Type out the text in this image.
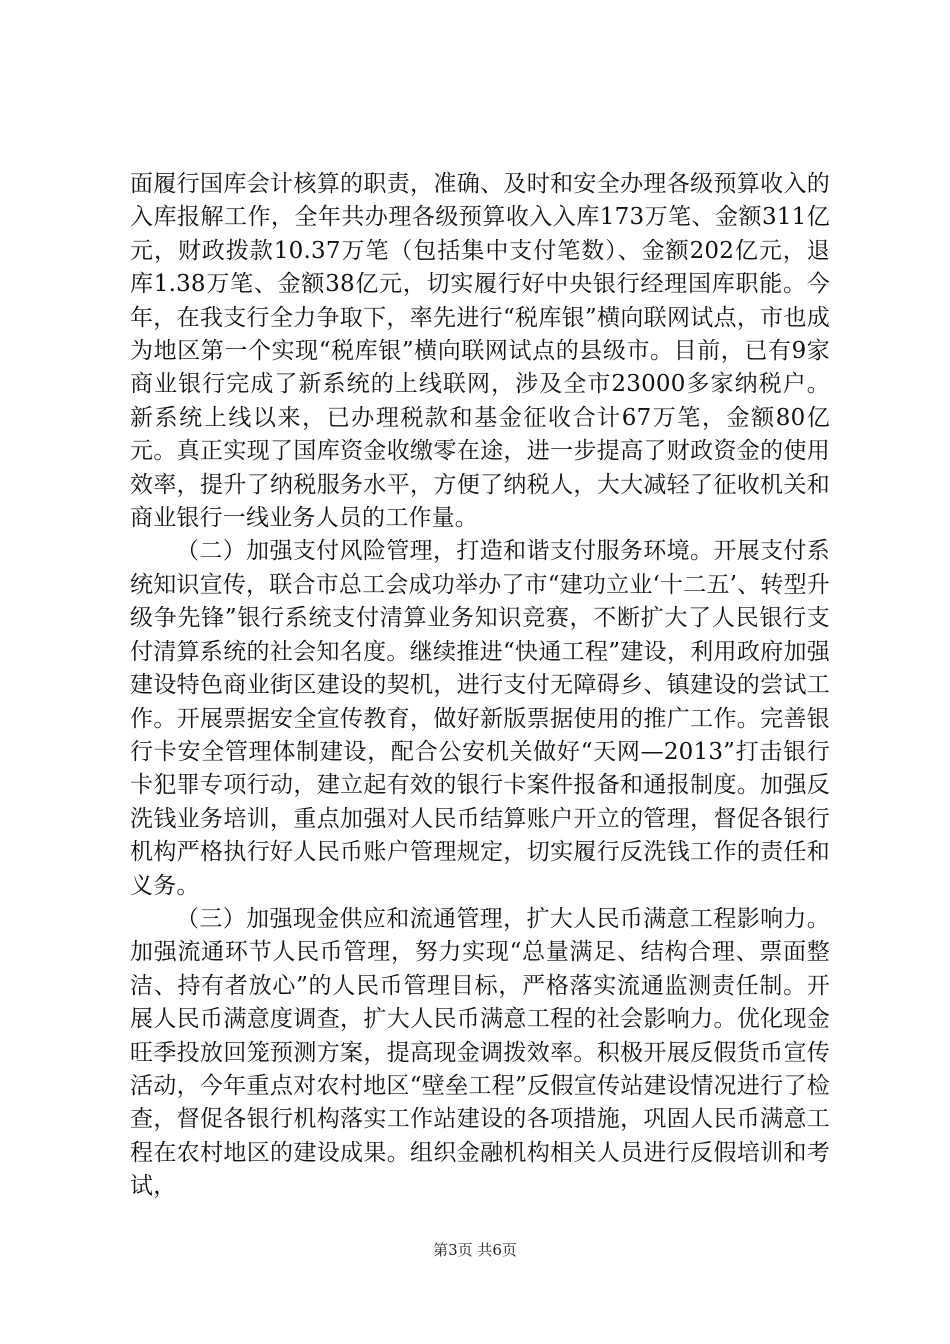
面履行国库会计核算的职责，准确、及时和安全办理各级预算收入的入库报解工作，全年共办理各级预算收入入库173万笔、金额311亿元，财政拨款10.37万笔（包括集中支付笔数）、金额202亿元，退库1.38万笔、金额38亿元，切实履行好中央银行经理国库职能。今年，在我支行全力争取下，率先进行“税库银”横向联网试点，市也成为地区第一个实现“税库银”横向联网试点的县级市。目前，已有9家商业银行完成了新系统的上线联网，涉及全市23000多家纳税户。新系统上线以来，已办理税款和基金征收合计67万笔，金额80亿元。真正实现了国库资金收缴零在途，进一步提高了财政资金的使用效率，提升了纳税服务水平，方便了纳税人，大大减轻了征收机关和商业银行一线业务人员的工作量。

（二）加强支付风险管理，打造和谐支付服务环境。开展支付系统知识宣传，联合市总工会成功举办了市“建功立业‘十二五’、转型升级争先锋”银行系统支付清算业务知识竞赛，不断扩大了人民银行支付清算系统的社会知名度。继续推进“快通工程”建设，利用政府加强建设特色商业街区建设的契机，进行支付无障碍乡、镇建设的尝试工作。开展票据安全宣传教育，做好新版票据使用的推广工作。完善银行卡安全管理体制建设，配合公安机关做好“天网—2013”打击银行卡犯罪专项行动，建立起有效的银行卡案件报备和通报制度。加强反洗钱业务培训，重点加强对人民币结算账户开立的管理，督促各银行机构严格执行好人民币账户管理规定，切实履行反洗钱工作的责任和义务。

（三）加强现金供应和流通管理，扩大人民币满意工程影响力。加强流通环节人民币管理，努力实现“总量满足、结构合理、票面整洁、持有者放心”的人民币管理目标，严格落实流通监测责任制。开展人民币满意度调查，扩大人民币满意工程的社会影响力。优化现金旺季投放回笼预测方案，提高现金调拨效率。积极开展反假货币宣传活动，今年重点对农村地区“壁垒工程”反假宣传站建设情况进行了检查，督促各银行机构落实工作站建设的各项措施，巩固人民币满意工程在农村地区的建设成果。组织金融机构相关人员进行反假培训和考试，

第3页 共6页
